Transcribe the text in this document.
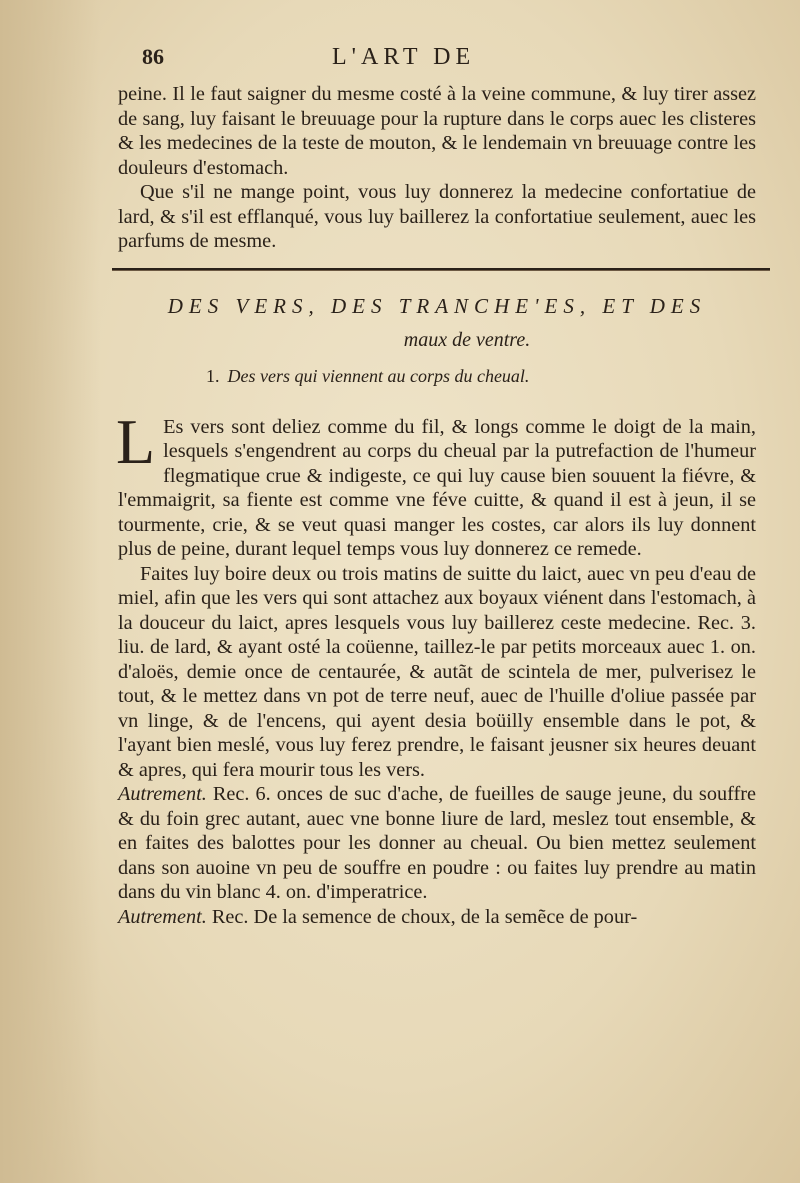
86	L'ART DE

peine. Il le faut saigner du mesme costé à la veine commune, & luy tirer assez de sang, luy faisant le breuuage pour la rupture dans le corps auec les clisteres & les medecines de la teste de mouton, & le lendemain vn breuuage contre les douleurs d'estomach.

Que s'il ne mange point, vous luy donnerez la medecine confortatiue de lard, & s'il est efflanqué, vous luy baillerez la confortatiue seulement, auec les parfums de mesme.

DES VERS, DES TRANCHE'ES, ET DES
maux de ventre.
1. Des vers qui viennent au corps du cheual.

L Es vers sont deliez comme du fil, & longs comme le doigt de la main, lesquels s'engendrent au corps du cheual par la putrefaction de l'humeur flegmatique crue & indigeste, ce qui luy cause bien souuent la fiévre, & l'emmaigrit, sa fiente est comme vne féve cuitte, & quand il est à jeun, il se tourmente, crie, & se veut quasi manger les costes, car alors ils luy donnent plus de peine, durant lequel temps vous luy donnerez ce remede.

Faites luy boire deux ou trois matins de suitte du laict, auec vn peu d'eau de miel, afin que les vers qui sont attachez aux boyaux viénent dans l'estomach, à la douceur du laict, apres lesquels vous luy baillerez ceste medecine. Rec. 3. liu. de lard, & ayant osté la coüenne, taillez-le par petits morceaux auec 1. on. d'aloës, demie once de centaurée, & autãt de scintela de mer, pulverisez le tout, & le mettez dans vn pot de terre neuf, auec de l'huille d'oliue passée par vn linge, & de l'encens, qui ayent desia boüilly ensemble dans le pot, & l'ayant bien meslé, vous luy ferez prendre, le faisant jeusner six heures deuant & apres, qui fera mourir tous les vers.

Autrement. Rec. 6. onces de suc d'ache, de fueilles de sauge jeune, du souffre & du foin grec autant, auec vne bonne liure de lard, meslez tout ensemble, & en faites des balottes pour les donner au cheual. Ou bien mettez seulement dans son auoine vn peu de souffre en poudre : ou faites luy prendre au matin dans du vin blanc 4. on. d'imperatrice.

Autrement. Rec. De la semence de choux, de la semẽce de pour-
